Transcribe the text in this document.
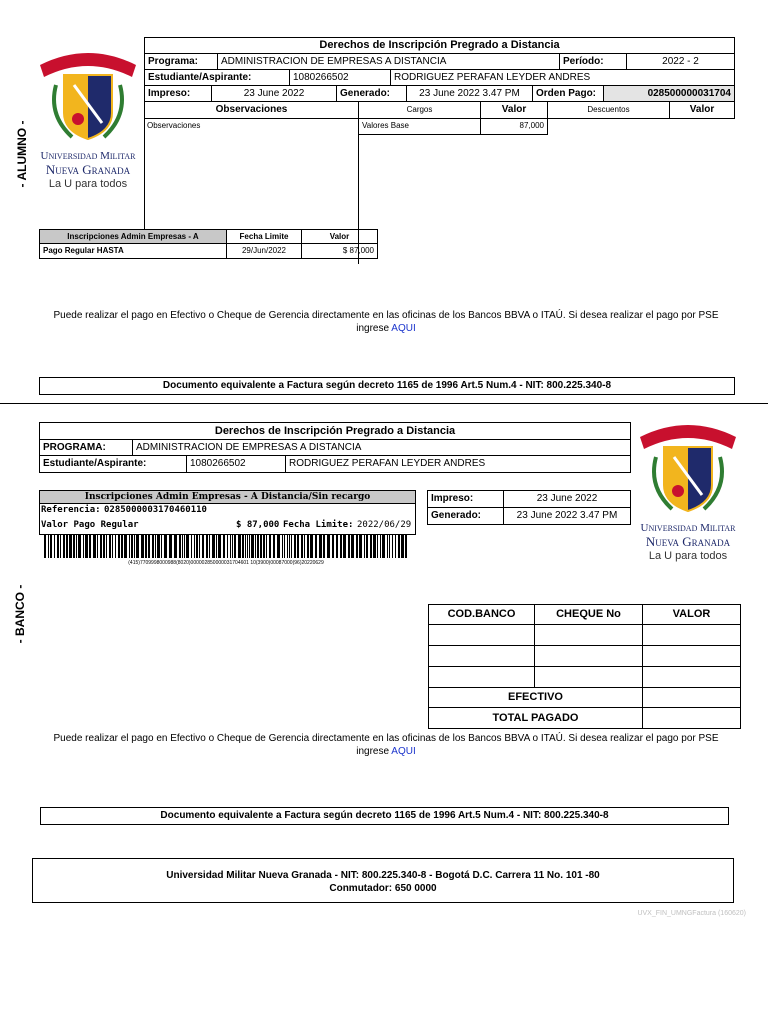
- ALUMNO -	Universidad Militar
Nueva Granada
La U para todos
Derechos de Inscripción Pregrado a Distancia
Programa:	ADMINISTRACION DE EMPRESAS A DISTANCIA	Período:	2022 - 2
Estudiante/Aspirante:	1080266502	RODRIGUEZ PERAFAN LEYDER ANDRES
Impreso:	23 June 2022	Generado:	23 June 2022 3.47 PM	Orden Pago:	028500000031704
Observaciones	Cargos	Valor	Descuentos	Valor
Observaciones	Valores Base	87,000
Inscripciones Admin Empresas - A	Fecha Limite	Valor
Pago Regular HASTA	29/Jun/2022	$ 87,000
Puede realizar el pago en Efectivo o Cheque de Gerencia directamente en las oficinas de los Bancos BBVA o ITAÚ. Si desea realizar el pago por PSE
ingrese AQUI
Documento equivalente a Factura según decreto 1165 de 1996 Art.5 Num.4 - NIT: 800.225.340-8
- BANCO -
Universidad Militar
Nueva Granada
La U para todos
Derechos de Inscripción Pregrado a Distancia
PROGRAMA:	ADMINISTRACION DE EMPRESAS A DISTANCIA
Estudiante/Aspirante:	1080266502	RODRIGUEZ PERAFAN LEYDER ANDRES
Inscripciones Admin Empresas - A Distancia/Sin recargo
Referencia: 0285000003170460110
Valor Pago Regular	$ 87,000 Fecha Limite: 2022/06/29
(415)7709998000988(8020)000002850000031704601 10(3900)00087000(96)20220629
Impreso:	23 June 2022
Generado:	23 June 2022 3.47 PM
COD.BANCO	CHEQUE No	VALOR
EFECTIVO
TOTAL PAGADO
Puede realizar el pago en Efectivo o Cheque de Gerencia directamente en las oficinas de los Bancos BBVA o ITAÚ. Si desea realizar el pago por PSE
ingrese AQUI
Documento equivalente a Factura según decreto 1165 de 1996 Art.5 Num.4 - NIT: 800.225.340-8
Universidad Militar Nueva Granada - NIT: 800.225.340-8 - Bogotá D.C. Carrera 11 No. 101 -80
Conmutador: 650 0000
UVX_FIN_UMNGFactura (160620)
